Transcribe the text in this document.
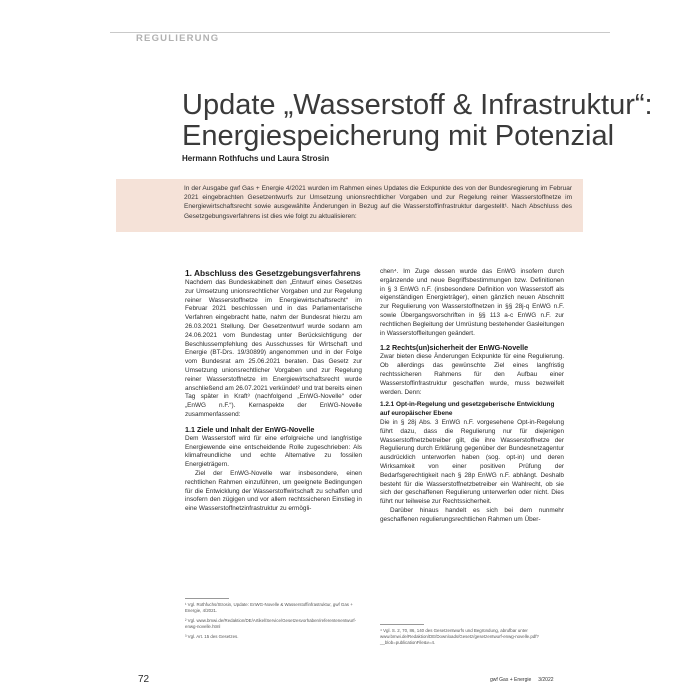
REGULIERUNG
Update „Wasserstoff & Infrastruktur“:
Energiespeicherung mit Potenzial
Hermann Rothfuchs und Laura Strosin
In der Ausgabe gwf Gas + Energie 4/2021 wurden im Rahmen eines Updates die Eckpunkte des von der Bundesregierung im Februar 2021 eingebrachten Gesetzentwurfs zur Umsetzung unionsrechtlicher Vorgaben und zur Regelung reiner Wasserstoffnetze im Energiewirtschaftsrecht sowie ausgewählte Änderungen in Bezug auf die Wasserstoffinfrastruktur dargestellt¹. Nach Abschluss des Gesetzgebungsverfahrens ist dies wie folgt zu aktualisieren:

1. Abschluss des Gesetzgebungsverfahrens

Nachdem das Bundeskabinett den „Entwurf eines Gesetzes zur Umsetzung unionsrechtlicher Vorgaben und zur Regelung reiner Wasserstoffnetze im Energiewirtschaftsrecht“ im Februar 2021 beschlossen und in das Parlamentarische Verfahren eingebracht hatte, nahm der Bundesrat hierzu am 26.03.2021 Stellung. Der Gesetzentwurf wurde sodann am 24.06.2021 vom Bundestag unter Berücksichtigung der Beschlussempfehlung des Ausschusses für Wirtschaft und Energie (BT-Drs. 19/30899) angenommen und in der Folge vom Bundesrat am 25.06.2021 beraten. Das Gesetz zur Umsetzung unionsrechtlicher Vorgaben und zur Regelung reiner Wasserstoffnetze im Energiewirtschaftsrecht wurde anschließend am 26.07.2021 verkündet² und trat bereits einen Tag später in Kraft³ (nachfolgend „EnWG-Novelle“ oder „EnWG n.F.“). Kernaspekte der EnWG-Novelle zusammenfassend:

1.1 Ziele und Inhalt der EnWG-Novelle

Dem Wasserstoff wird für eine erfolgreiche und langfristige Energiewende eine entscheidende Rolle zugeschrieben: Als klimafreundliche und echte Alternative zu fossilen Energieträgern.

Ziel der EnWG-Novelle war insbesondere, einen rechtlichen Rahmen einzuführen, um geeignete Bedingungen für die Entwicklung der Wasserstoffwirtschaft zu schaffen und insofern den zügigen und vor allem rechtssicheren Einstieg in eine Wasserstoffnetzinfrastruktur zu ermögli-

¹ Vgl. Rothfuchs/Strosin, Update: EnWG-Novelle & Wasserstoffinfrastruktur, gwf Gas + Energie, 4/2021.

² Vgl. www.bmwi.de/Redaktion/DE/Artikel/Service/Gesetzesvorhaben/referentenentwurf-enwg-novelle.html

³ Vgl. Art. 15 des Gesetzes.

chen⁴. Im Zuge dessen wurde das EnWG insofern durch ergänzende und neue Begriffsbestimmungen bzw. Definitionen in § 3 EnWG n.F. (insbesondere Definition von Wasserstoff als eigenständigen Energieträger), einen gänzlich neuen Abschnitt zur Regulierung von Wasserstoffnetzen in §§ 28j-q EnWG n.F. sowie Übergangsvorschriften in §§ 113 a-c EnWG n.F. zur rechtlichen Begleitung der Umrüstung bestehender Gasleitungen in Wasserstoffleitungen geändert.

1.2 Rechts(un)sicherheit der EnWG-Novelle

Zwar bieten diese Änderungen Eckpunkte für eine Regulierung. Ob allerdings das gewünschte Ziel eines langfristig rechtssicheren Rahmens für den Aufbau einer Wasserstoffinfrastruktur geschaffen wurde, muss bezweifelt werden. Denn:

1.2.1 Opt-in-Regelung und gesetzgeberische Entwicklung auf europäischer Ebene

Die in § 28j Abs. 3 EnWG n.F. vorgesehene Opt-in-Regelung führt dazu, dass die Regulierung nur für diejenigen Wasserstoffnetzbetreiber gilt, die ihre Wasserstoffnetze der Regulierung durch Erklärung gegenüber der Bundesnetzagentur ausdrücklich unterworfen haben (sog. opt-in) und deren Wirksamkeit von einer positiven Prüfung der Bedarfsgerechtigkeit nach § 28p EnWG n.F. abhängt. Deshalb besteht für die Wasserstoffnetzbetreiber ein Wahlrecht, ob sie sich der geschaffenen Regulierung unterwerfen oder nicht. Dies führt nur teilweise zur Rechtssicherheit.

Darüber hinaus handelt es sich bei dem nunmehr geschaffenen regulierungsrechtlichen Rahmen um Über-

⁴ Vgl. S. 2, 70, 86, 140 des Gesetzentwurfs und Begründung, abrufbar unter www.bmwi.de/Redaktion/DE/Downloads/Gesetz/gesetzentwurf-enwg-novelle.pdf?__blob=publicationFile&v=4.

72	gwf Gas + Energie     3/2022
